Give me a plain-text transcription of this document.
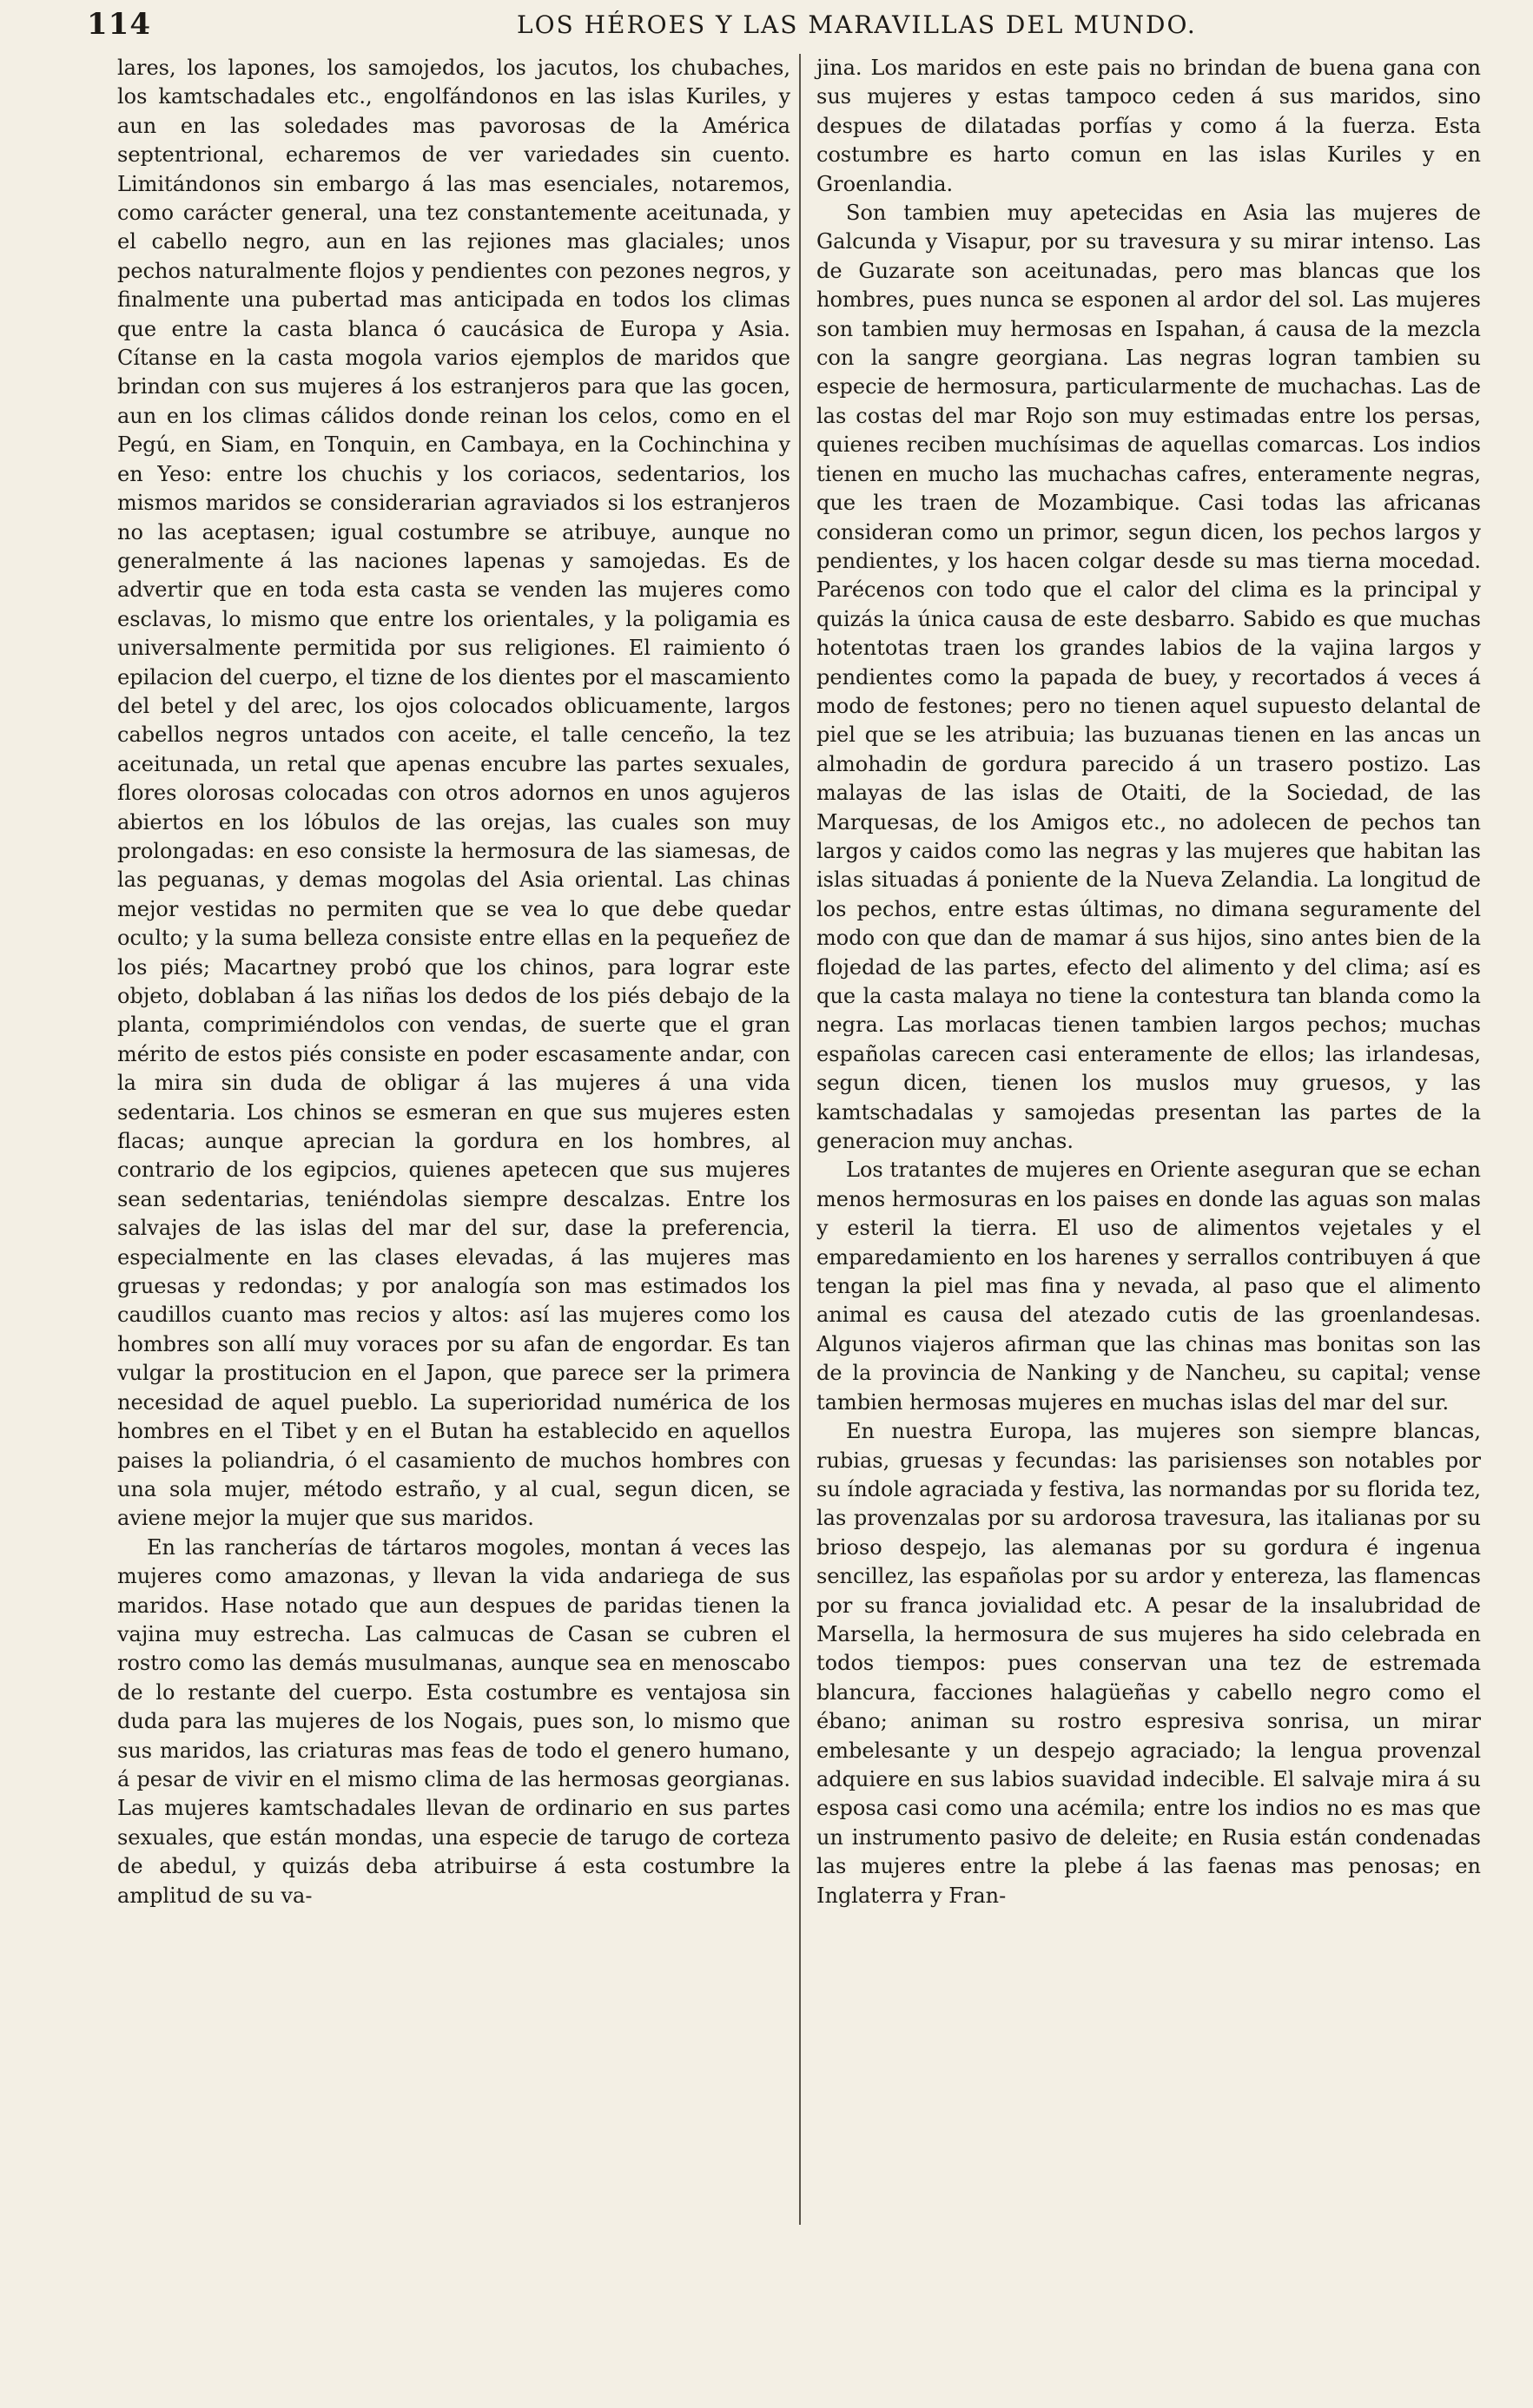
114	LOS HÉROES Y LAS MARAVILLAS DEL MUNDO.

lares, los lapones, los samojedos, los jacutos, los chubaches, los kamtschadales etc., engolfándonos en las islas Kuriles, y aun en las soledades mas pavorosas de la América septentrional, echaremos de ver variedades sin cuento. Limitándonos sin embargo á las mas esenciales, notaremos, como carácter general, una tez constantemente aceitunada, y el cabello negro, aun en las rejiones mas glaciales; unos pechos naturalmente flojos y pendientes con pezones negros, y finalmente una pubertad mas anticipada en todos los climas que entre la casta blanca ó caucásica de Europa y Asia. Cítanse en la casta mogola varios ejemplos de maridos que brindan con sus mujeres á los estranjeros para que las gocen, aun en los climas cálidos donde reinan los celos, como en el Pegú, en Siam, en Tonquin, en Cambaya, en la Cochinchina y en Yeso: entre los chuchis y los coriacos, sedentarios, los mismos maridos se considerarian agraviados si los estranjeros no las aceptasen; igual costumbre se atribuye, aunque no generalmente á las naciones lapenas y samojedas. Es de advertir que en toda esta casta se venden las mujeres como esclavas, lo mismo que entre los orientales, y la poligamia es universalmente permitida por sus religiones. El raimiento ó epilacion del cuerpo, el tizne de los dientes por el mascamiento del betel y del arec, los ojos colocados oblicuamente, largos cabellos negros untados con aceite, el talle cenceño, la tez aceitunada, un retal que apenas encubre las partes sexuales, flores olorosas colocadas con otros adornos en unos agujeros abiertos en los lóbulos de las orejas, las cuales son muy prolongadas: en eso consiste la hermosura de las siamesas, de las peguanas, y demas mogolas del Asia oriental. Las chinas mejor vestidas no permiten que se vea lo que debe quedar oculto; y la suma belleza consiste entre ellas en la pequeñez de los piés; Macartney probó que los chinos, para lograr este objeto, doblaban á las niñas los dedos de los piés debajo de la planta, comprimiéndolos con vendas, de suerte que el gran mérito de estos piés consiste en poder escasamente andar, con la mira sin duda de obligar á las mujeres á una vida sedentaria. Los chinos se esmeran en que sus mujeres esten flacas; aunque aprecian la gordura en los hombres, al contrario de los egipcios, quienes apetecen que sus mujeres sean sedentarias, teniéndolas siempre descalzas. Entre los salvajes de las islas del mar del sur, dase la preferencia, especialmente en las clases elevadas, á las mujeres mas gruesas y redondas; y por analogía son mas estimados los caudillos cuanto mas recios y altos: así las mujeres como los hombres son allí muy voraces por su afan de engordar. Es tan vulgar la prostitucion en el Japon, que parece ser la primera necesidad de aquel pueblo. La superioridad numérica de los hombres en el Tibet y en el Butan ha establecido en aquellos paises la poliandria, ó el casamiento de muchos hombres con una sola mujer, método estraño, y al cual, segun dicen, se aviene mejor la mujer que sus maridos.

En las rancherías de tártaros mogoles, montan á veces las mujeres como amazonas, y llevan la vida andariega de sus maridos. Hase notado que aun despues de paridas tienen la vajina muy estrecha. Las calmucas de Casan se cubren el rostro como las demás musulmanas, aunque sea en menoscabo de lo restante del cuerpo. Esta costumbre es ventajosa sin duda para las mujeres de los Nogais, pues son, lo mismo que sus maridos, las criaturas mas feas de todo el genero humano, á pesar de vivir en el mismo clima de las hermosas georgianas. Las mujeres kamtschadales llevan de ordinario en sus partes sexuales, que están mondas, una especie de tarugo de corteza de abedul, y quizás deba atribuirse á esta costumbre la amplitud de su va-

jina. Los maridos en este pais no brindan de buena gana con sus mujeres y estas tampoco ceden á sus maridos, sino despues de dilatadas porfías y como á la fuerza. Esta costumbre es harto comun en las islas Kuriles y en Groenlandia.

Son tambien muy apetecidas en Asia las mujeres de Galcunda y Visapur, por su travesura y su mirar intenso. Las de Guzarate son aceitunadas, pero mas blancas que los hombres, pues nunca se esponen al ardor del sol. Las mujeres son tambien muy hermosas en Ispahan, á causa de la mezcla con la sangre georgiana. Las negras logran tambien su especie de hermosura, particularmente de muchachas. Las de las costas del mar Rojo son muy estimadas entre los persas, quienes reciben muchísimas de aquellas comarcas. Los indios tienen en mucho las muchachas cafres, enteramente negras, que les traen de Mozambique. Casi todas las africanas consideran como un primor, segun dicen, los pechos largos y pendientes, y los hacen colgar desde su mas tierna mocedad. Parécenos con todo que el calor del clima es la principal y quizás la única causa de este desbarro. Sabido es que muchas hotentotas traen los grandes labios de la vajina largos y pendientes como la papada de buey, y recortados á veces á modo de festones; pero no tienen aquel supuesto delantal de piel que se les atribuia; las buzuanas tienen en las ancas un almohadin de gordura parecido á un trasero postizo. Las malayas de las islas de Otaiti, de la Sociedad, de las Marquesas, de los Amigos etc., no adolecen de pechos tan largos y caidos como las negras y las mujeres que habitan las islas situadas á poniente de la Nueva Zelandia. La longitud de los pechos, entre estas últimas, no dimana seguramente del modo con que dan de mamar á sus hijos, sino antes bien de la flojedad de las partes, efecto del alimento y del clima; así es que la casta malaya no tiene la contestura tan blanda como la negra. Las morlacas tienen tambien largos pechos; muchas españolas carecen casi enteramente de ellos; las irlandesas, segun dicen, tienen los muslos muy gruesos, y las kamtschadalas y samojedas presentan las partes de la generacion muy anchas.

Los tratantes de mujeres en Oriente aseguran que se echan menos hermosuras en los paises en donde las aguas son malas y esteril la tierra. El uso de alimentos vejetales y el emparedamiento en los harenes y serrallos contribuyen á que tengan la piel mas fina y nevada, al paso que el alimento animal es causa del atezado cutis de las groenlandesas. Algunos viajeros afirman que las chinas mas bonitas son las de la provincia de Nanking y de Nancheu, su capital; vense tambien hermosas mujeres en muchas islas del mar del sur.

En nuestra Europa, las mujeres son siempre blancas, rubias, gruesas y fecundas: las parisienses son notables por su índole agraciada y festiva, las normandas por su florida tez, las provenzalas por su ardorosa travesura, las italianas por su brioso despejo, las alemanas por su gordura é ingenua sencillez, las españolas por su ardor y entereza, las flamencas por su franca jovialidad etc. A pesar de la insalubridad de Marsella, la hermosura de sus mujeres ha sido celebrada en todos tiempos: pues conservan una tez de estremada blancura, facciones halagüeñas y cabello negro como el ébano; animan su rostro espresiva sonrisa, un mirar embelesante y un despejo agraciado; la lengua provenzal adquiere en sus labios suavidad indecible. El salvaje mira á su esposa casi como una acémila; entre los indios no es mas que un instrumento pasivo de deleite; en Rusia están condenadas las mujeres entre la plebe á las faenas mas penosas; en Inglaterra y Fran-
